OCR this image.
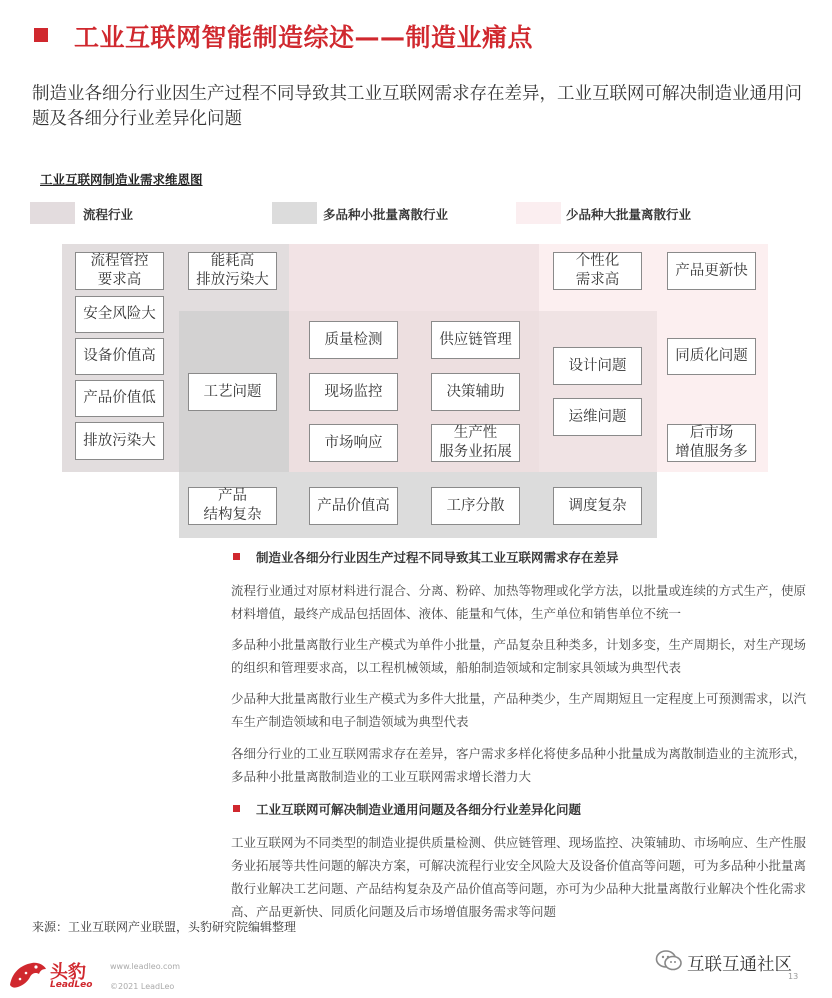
工业互联网智能制造综述——制造业痛点
制造业各细分行业因生产过程不同导致其工业互联网需求存在差异，工业互联网可解决制造业通用问题及各细分行业差异化问题
工业互联网制造业需求维恩图
流程行业	多品种小批量离散行业	少品种大批量离散行业
流程管控
要求高
能耗高
排放污染大
个性化
需求高
产品更新快
安全风险大
质量检测	供应链管理
设备价值高
工艺问题
设计问题
同质化问题
产品价值低	现场监控	决策辅助
运维问题
排放污染大	市场响应
生产性
服务业拓展
后市场
增值服务多
产品
结构复杂
产品价值高	工序分散	调度复杂
制造业各细分行业因生产过程不同导致其工业互联网需求存在差异
流程行业通过对原材料进行混合、分离、粉碎、加热等物理或化学方法，以批量或连续的方式生产，使原材料增值，最终产成品包括固体、液体、能量和气体，生产单位和销售单位不统一
多品种小批量离散行业生产模式为单件小批量，产品复杂且种类多，计划多变，生产周期长，对生产现场的组织和管理要求高，以工程机械领域，船舶制造领域和定制家具领域为典型代表
少品种大批量离散行业生产模式为多件大批量，产品种类少，生产周期短且一定程度上可预测需求，以汽车生产制造领域和电子制造领域为典型代表
各细分行业的工业互联网需求存在差异，客户需求多样化将使多品种小批量成为离散制造业的主流形式，多品种小批量离散制造业的工业互联网需求增长潜力大
工业互联网可解决制造业通用问题及各细分行业差异化问题
工业互联网为不同类型的制造业提供质量检测、供应链管理、现场监控、决策辅助、市场响应、生产性服务业拓展等共性问题的解决方案，可解决流程行业安全风险大及设备价值高等问题，可为多品种小批量离散行业解决工艺问题、产品结构复杂及产品价值高等问题，亦可为少品种大批量离散行业解决个性化需求高、产品更新快、同质化问题及后市场增值服务需求等问题
来源：工业互联网产业联盟，头豹研究院编辑整理
头豹
LeadLeo
www.leadleo.com
©2021 LeadLeo
互联互通社区
13
